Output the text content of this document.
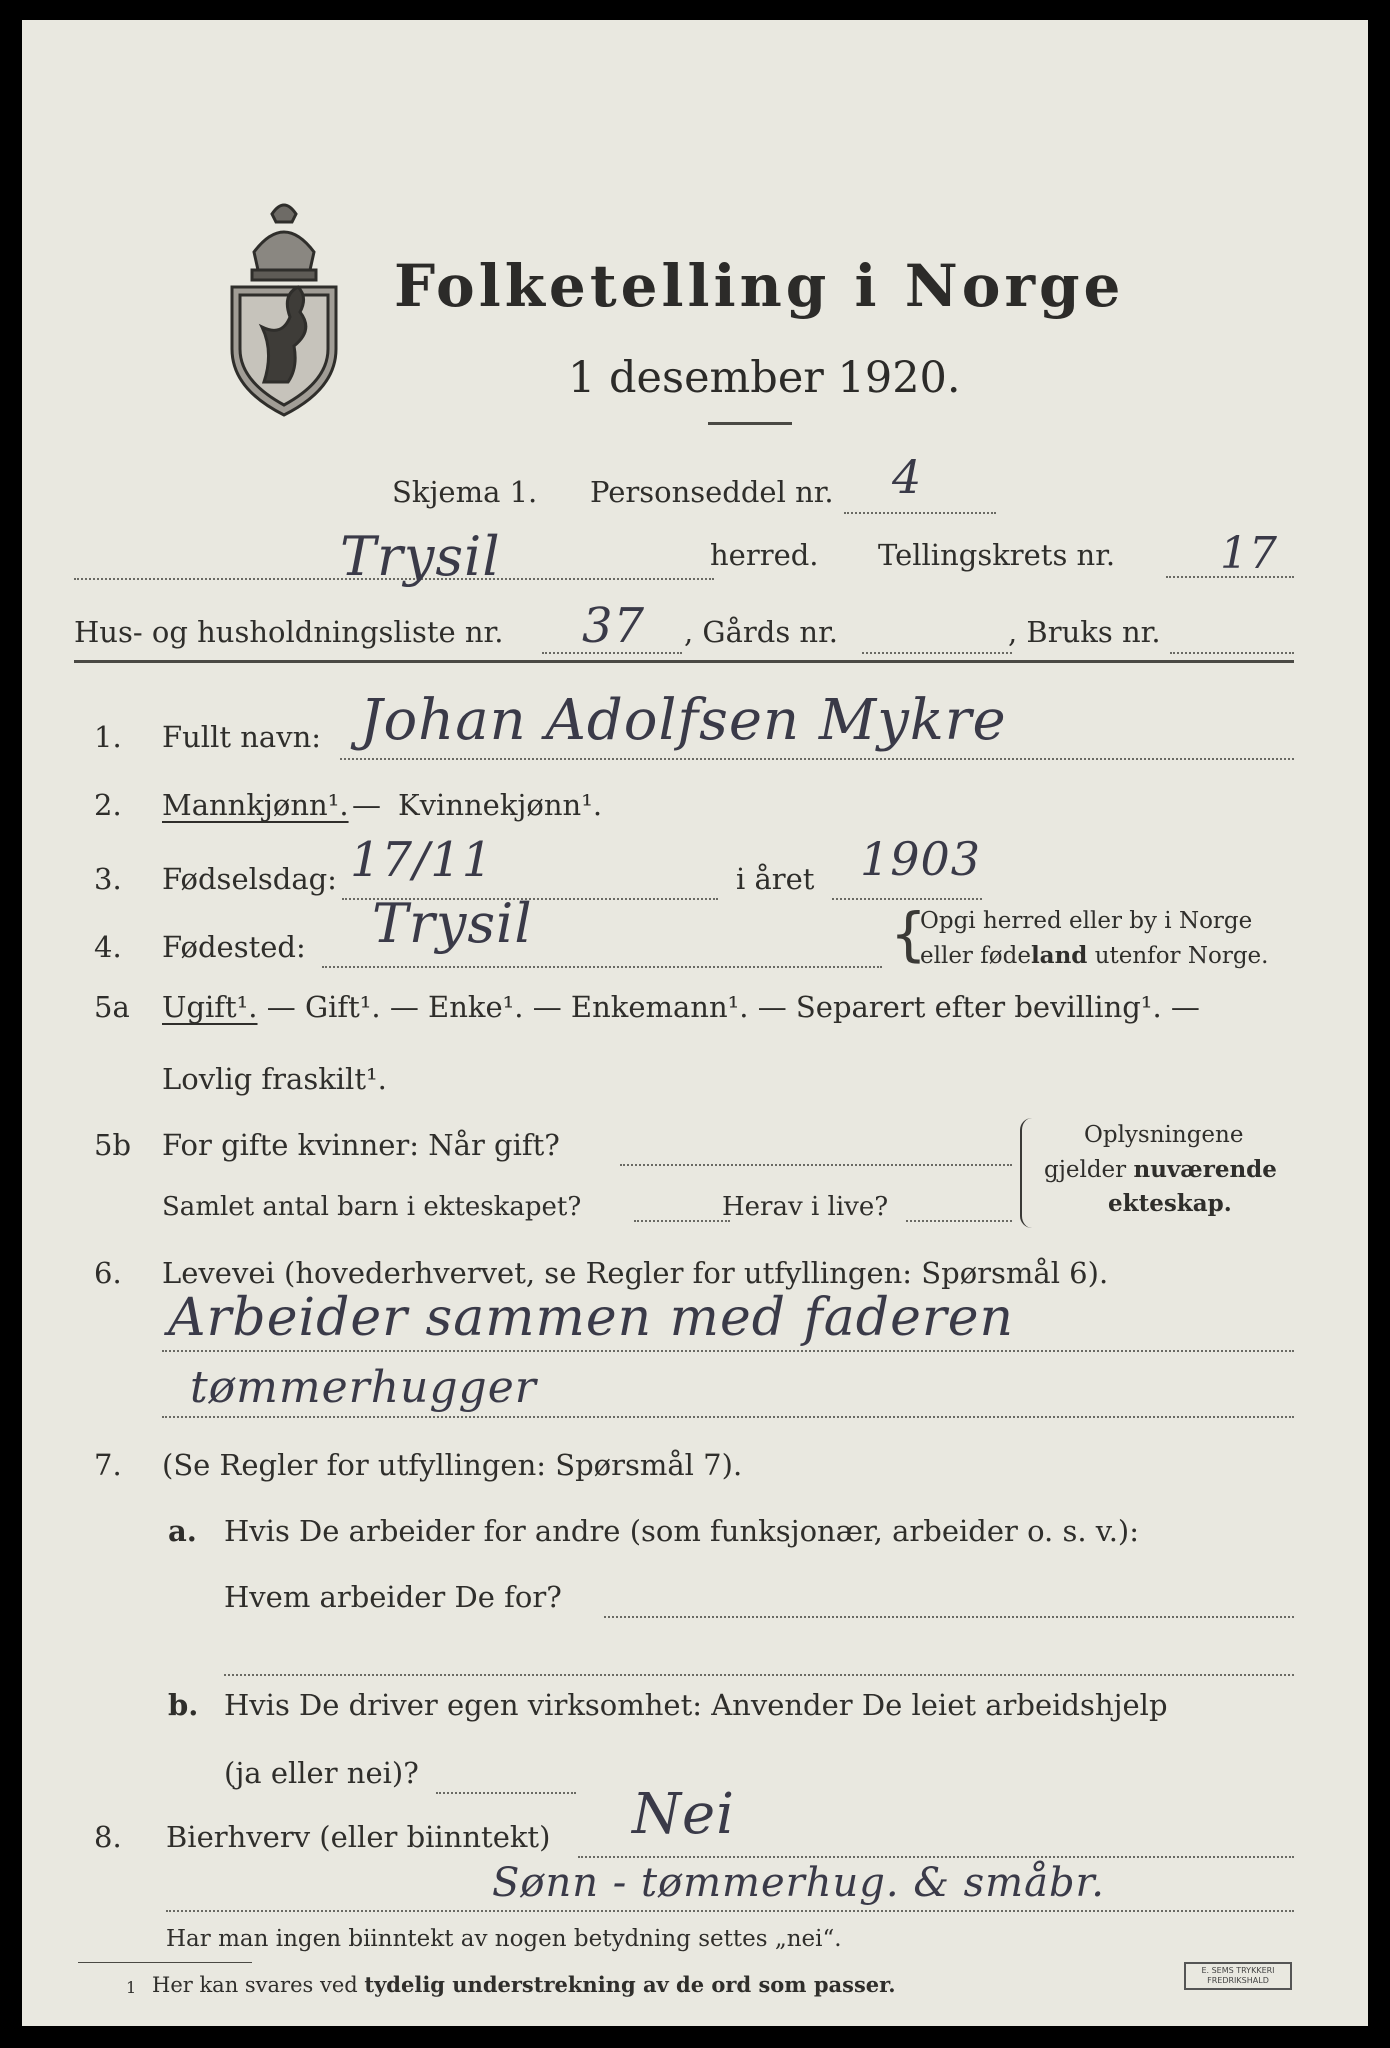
Folketelling i Norge
1 desember 1920.
Skjema 1. Personseddel nr. 4
Trysil	herred. Tellingskrets nr. 17
Hus- og husholdningsliste nr. 37 , Gårds nr.	, Bruks nr.
1. Fullt navn: Johan Adolfsen Mykre
2. Mannkjønn¹. — Kvinnekjønn¹.
3. Fødselsdag: 17/11	i året 1903
4. Fødested: Trysil	{
Opgi herred eller by i Norge
eller fødeland utenfor Norge.
5a Ugift¹. — Gift¹. — Enke¹. — Enkemann¹. — Separert efter bevilling¹. —
Lovlig fraskilt¹.
5b For gifte kvinner: Når gift?
Samlet antal barn i ekteskapet?	Herav i live?
Oplysningene
gjelder nuværende
ekteskap.
6. Levevei (hovederhvervet, se Regler for utfyllingen: Spørsmål 6).
Arbeider sammen med faderen
tømmerhugger
7. (Se Regler for utfyllingen: Spørsmål 7).
a. Hvis De arbeider for andre (som funksjonær, arbeider o. s. v.):
Hvem arbeider De for?
b. Hvis De driver egen virksomhet: Anvender De leiet arbeidshjelp
(ja eller nei)?
8. Bierhverv (eller biinntekt) Nei
Sønn - tømmerhug. & småbr.
Har man ingen biinntekt av nogen betydning settes „nei“.
1 Her kan svares ved tydelig understrekning av de ord som passer.
E. SEMS TRYKKERI
FREDRIKSHALD
